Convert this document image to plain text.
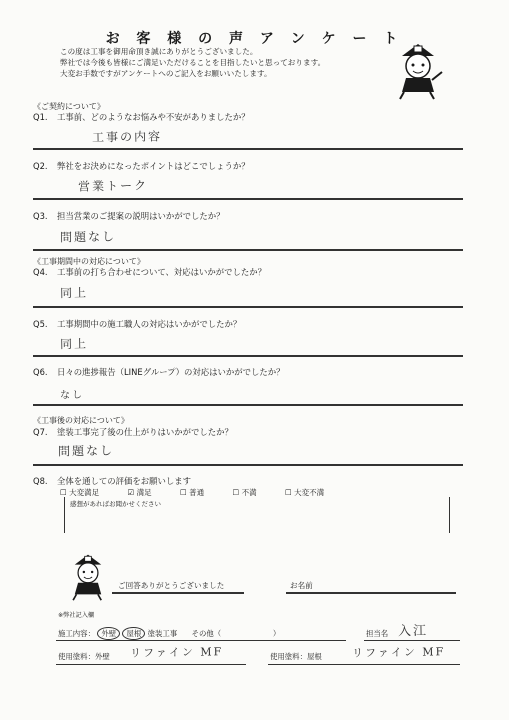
お 客 様 の 声 ア ン ケ ー ト
この度は工事を御用命頂き誠にありがとうございました。
弊社では今後も皆様にご満足いただけることを目指したいと思っております。
大変お手数ですがアンケートへのご記入をお願いいたします。
《ご契約について》
Q1. 工事前、どのようなお悩みや不安がありましたか？
工事の内容
Q2. 弊社をお決めになったポイントはどこでしょうか？
営業トーク
Q3. 担当営業のご提案の説明はいかがでしたか？
問題なし
《工事期間中の対応について》
Q4. 工事前の打ち合わせについて、対応はいかがでしたか？
同上
Q5. 工事期間中の施工職人の対応はいかがでしたか？
同上
Q6. 日々の進捗報告（LINEグループ）の対応はいかがでしたか？
なし
《工事後の対応について》
Q7. 塗装工事完了後の仕上がりはいかがでしたか？
問題なし
Q8. 全体を通しての評価をお願いします
☐ 大変満足	☑ 満足	☐ 普通	☐ 不満	☐ 大変不満
感想があればお聞かせください
ご回答ありがとうございました	お名前
※弊社記入欄
施工内容： 外壁 屋根 塗装工事 その他（　　　　　　　）	担当名 入江
使用塗料：外壁 リファイン MF	使用塗料：屋根	リファイン MF
